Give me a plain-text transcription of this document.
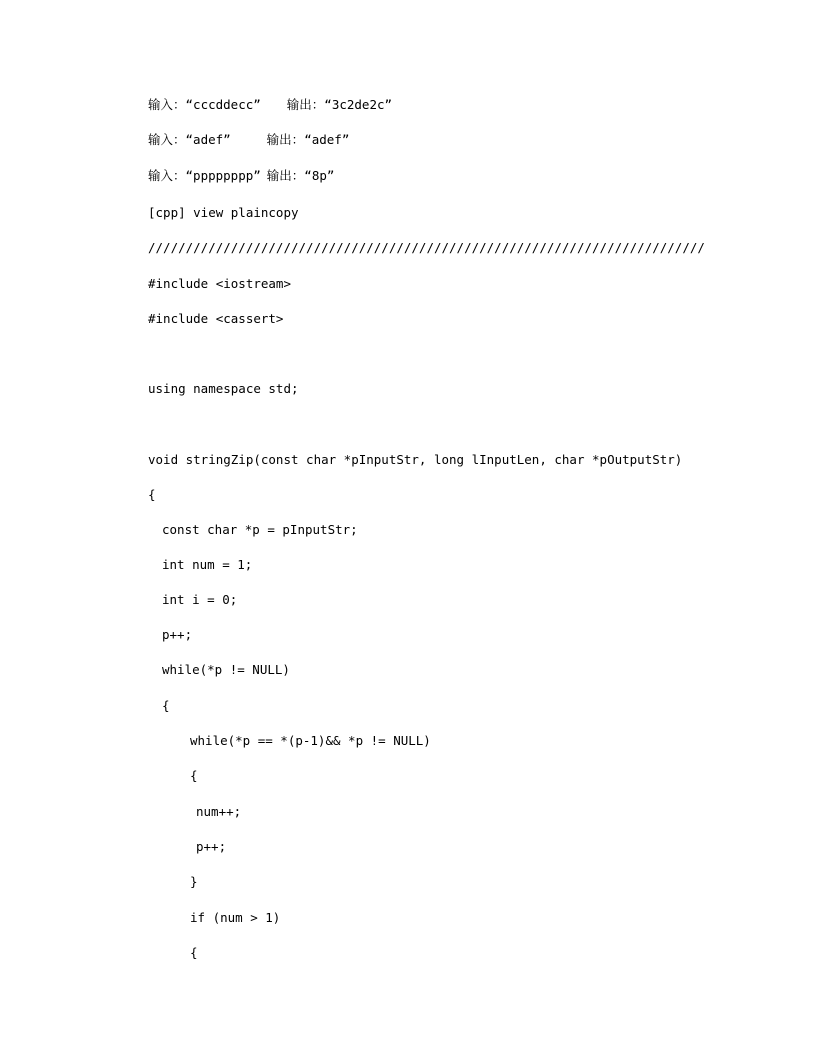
输入：“cccddecc” 输出：“3c2de2c”
输入：“adef”	输出：“adef”
输入：“pppppppp” 输出：“8p”
[cpp] view plaincopy
//////////////////////////////////////////////////////////////////////////
#include <iostream>
#include <cassert>
using namespace std;
void stringZip(const char *pInputStr, long lInputLen, char *pOutputStr)
{
const char *p = pInputStr;
int num = 1;
int i = 0;
p++;
while(*p != NULL)
{
while(*p == *(p-1)&& *p != NULL)
{
num++;
p++;
}
if (num > 1)
{
